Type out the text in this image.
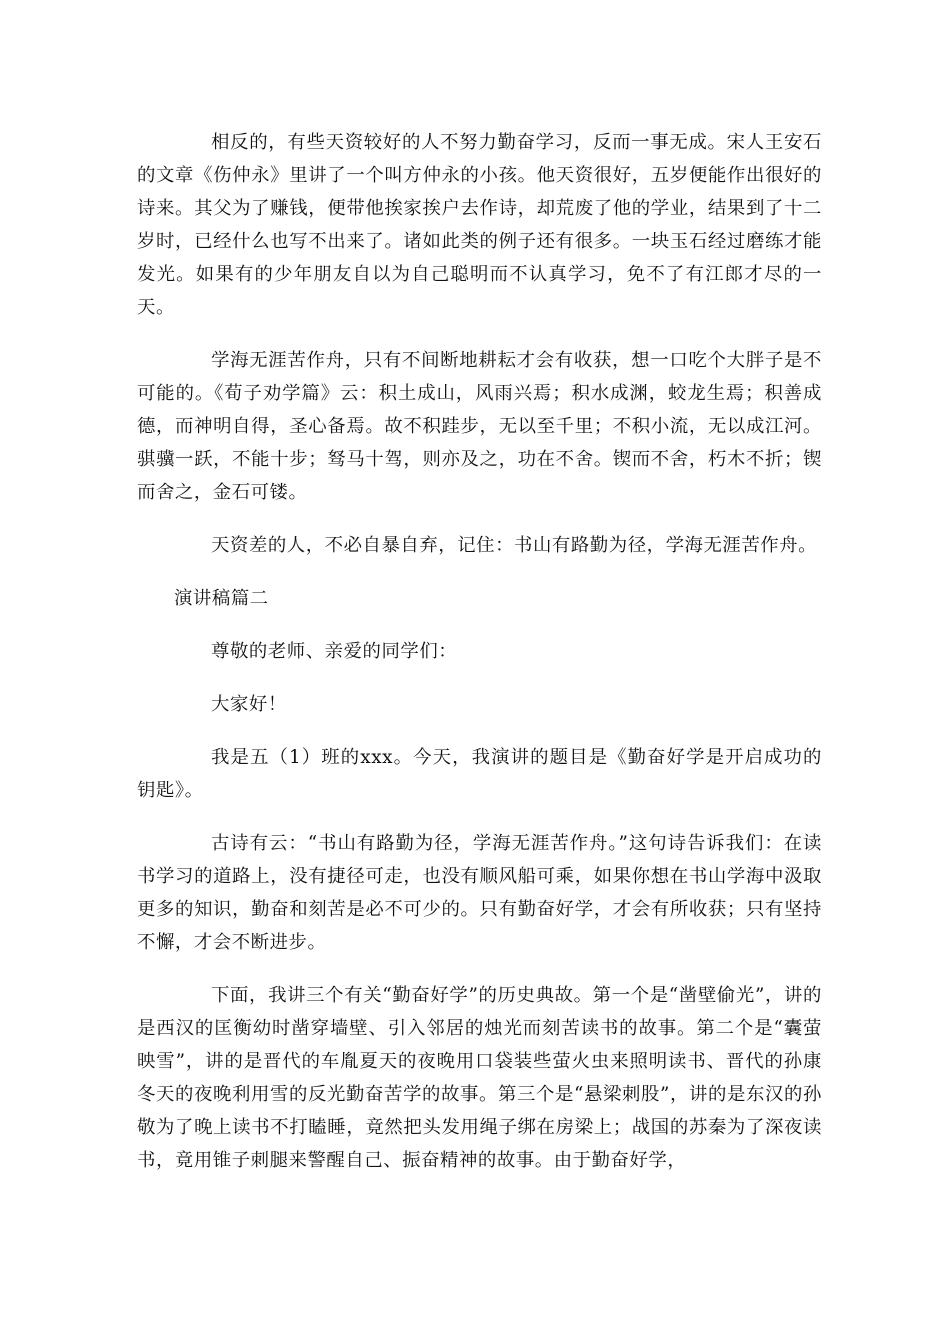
相反的，有些天资较好的人不努力勤奋学习，反而一事无成。宋人王安石的文章《伤仲永》里讲了一个叫方仲永的小孩。他天资很好，五岁便能作出很好的诗来。其父为了赚钱，便带他挨家挨户去作诗，却荒废了他的学业，结果到了十二岁时，已经什么也写不出来了。诸如此类的例子还有很多。一块玉石经过磨练才能发光。如果有的少年朋友自以为自己聪明而不认真学习，免不了有江郎才尽的一天。

学海无涯苦作舟，只有不间断地耕耘才会有收获，想一口吃个大胖子是不可能的。《荀子劝学篇》云：积土成山，风雨兴焉；积水成渊，蛟龙生焉；积善成德，而神明自得，圣心备焉。故不积跬步，无以至千里；不积小流，无以成江河。骐骥一跃，不能十步；驽马十驾，则亦及之，功在不舍。锲而不舍，朽木不折；锲而舍之，金石可镂。

天资差的人，不必自暴自弃，记住：书山有路勤为径，学海无涯苦作舟。

演讲稿篇二

尊敬的老师、亲爱的同学们：

大家好！

我是五（1）班的xxx。今天，我演讲的题目是《勤奋好学是开启成功的钥匙》。

古诗有云：“书山有路勤为径，学海无涯苦作舟。”这句诗告诉我们：在读书学习的道路上，没有捷径可走，也没有顺风船可乘，如果你想在书山学海中汲取更多的知识，勤奋和刻苦是必不可少的。只有勤奋好学，才会有所收获；只有坚持不懈，才会不断进步。

下面，我讲三个有关“勤奋好学”的历史典故。第一个是“凿壁偷光”，讲的是西汉的匡衡幼时凿穿墙壁、引入邻居的烛光而刻苦读书的故事。第二个是“囊萤映雪”，讲的是晋代的车胤夏天的夜晚用口袋装些萤火虫来照明读书、晋代的孙康冬天的夜晚利用雪的反光勤奋苦学的故事。第三个是“悬梁刺股”，讲的是东汉的孙敬为了晚上读书不打瞌睡，竟然把头发用绳子绑在房梁上；战国的苏秦为了深夜读书，竟用锥子刺腿来警醒自己、振奋精神的故事。由于勤奋好学，
